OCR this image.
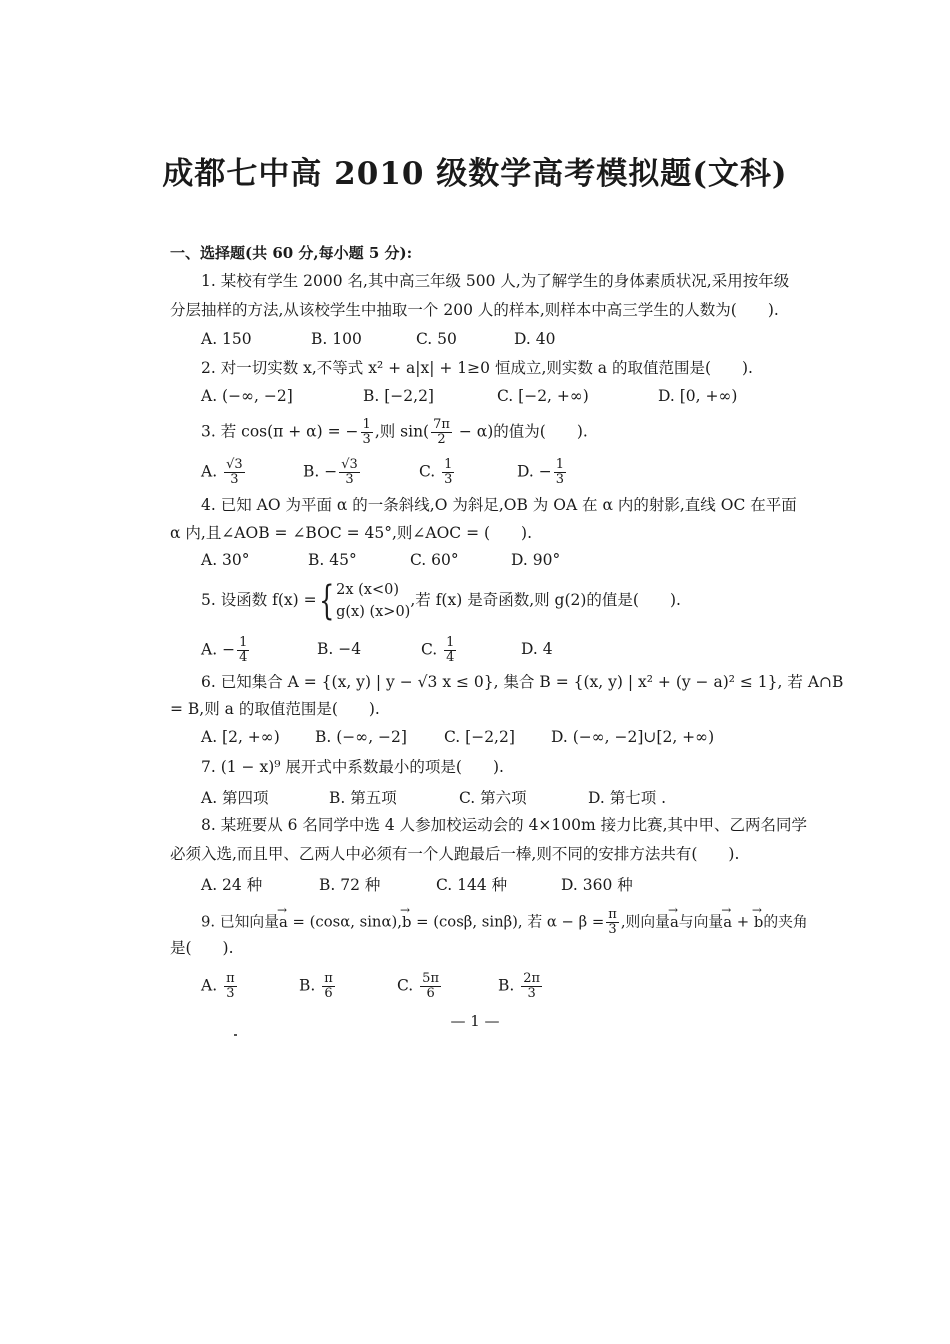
成都七中高 2010 级数学高考模拟题(文科)
一、选择题(共 60 分,每小题 5 分):
1. 某校有学生 2000 名,其中高三年级 500 人,为了解学生的身体素质状况,采用按年级
分层抽样的方法,从该校学生中抽取一个 200 人的样本,则样本中高三学生的人数为(　　).
A. 150	B. 100	C. 50	D. 40
2. 对一切实数 x,不等式 x² + a|x| + 1≥0 恒成立,则实数 a 的取值范围是(　　).
A. (−∞, −2]	B. [−2,2]	C. [−2, +∞)	D. [0, +∞)
3. 若 cos(π + α) = − $\frac{1}{3}$ ,则 $\sin( \frac{7\pi}{2} - \alpha)$的值为(　　).
A. $\frac{√3}{3}$	B. − $\frac{√3}{3}$	C. $\frac{1}{3}$	D. − $\frac{1}{3}$
4. 已知 AO 为平面 α 的一条斜线,O 为斜足,OB 为 OA 在 α 内的射影,直线 OC 在平面
α 内,且∠AOB = ∠BOC = 45°,则∠AOC = (　　).
A. 30°	B. 45°	C. 60°	D. 90°
5. 设函数 f(x) = { 2x (x<0)
g(x) (x>0)
,若 f(x) 是奇函数,则 g(2)的值是(　　).
A. − $\frac{1}{4}$	B. −4	C. $\frac{1}{4}$	D. 4
6. 已知集合 A = {(x, y) | y − √3 x ≤ 0}, 集合 B = {(x, y) | x² + (y − a)² ≤ 1}, 若 A∩B
= B,则 a 的取值范围是(　　).
A. [2, +∞) B. (−∞, −2] C. [−2,2] D. (−∞, −2]∪[2, +∞)
7. (1 − x)⁹ 展开式中系数最小的项是(　　).
A. 第四项	B. 第五项	C. 第六项	D. 第七项 .
8. 某班要从 6 名同学中选 4 人参加校运动会的 4×100m 接力比赛,其中甲、乙两名同学
必须入选,而且甲、乙两人中必须有一个人跑最后一棒,则不同的安排方法共有(　　).
A. 24 种	B. 72 种	C. 144 种	D. 360 种
9. 已知向量→ a = (cosα, sinα),→ b = (cosβ, sinβ), 若 $\alpha - \beta = \frac{\pi}{3}$ ,则向量→ a与向量→ a + → b的夹角
是(　　).
A. $\frac{\pi}{3}$	B. $\frac{\pi}{6}$	C. $\frac{5\pi}{6}$	B. $\frac{2\pi}{3}$
— 1 —
